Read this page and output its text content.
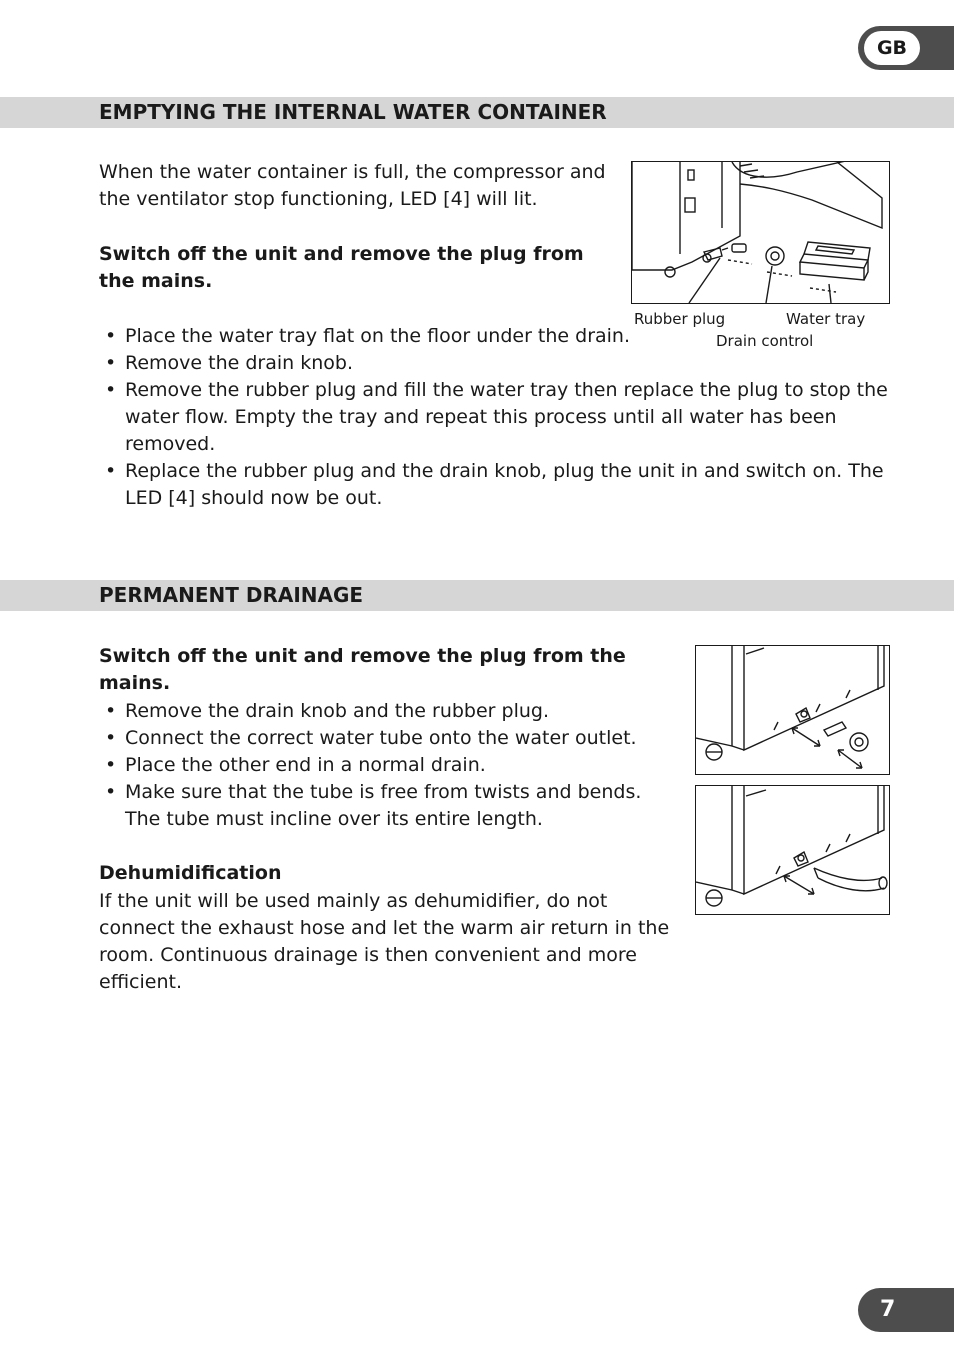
GB
EMPTYING THE INTERNAL WATER CONTAINER

When the water container is full, the compressor and the ventilator stop functioning, LED [4] will lit.

Switch off the unit and remove the plug from the mains.

• Place the water tray flat on the floor under the drain.
• Remove the drain knob.
• Remove the rubber plug and fill the water tray then replace the plug to stop the water flow. Empty the tray and repeat this process until all water has been removed.
• Replace the rubber plug and the drain knob, plug the unit in and switch on. The LED [4] should now be out.
Rubber plug	Water tray
Drain control
PERMANENT DRAINAGE

Switch off the unit and remove the plug from the mains.

• Remove the drain knob and the rubber plug.
• Connect the correct water tube onto the water outlet.
• Place the other end in a normal drain.
• Make sure that the tube is free from twists and bends. The tube must incline over its entire length.

Dehumidification

If the unit will be used mainly as dehumidifier, do not connect the exhaust hose and let the warm air return in the room. Continuous drainage is then convenient and more efficient.

7
